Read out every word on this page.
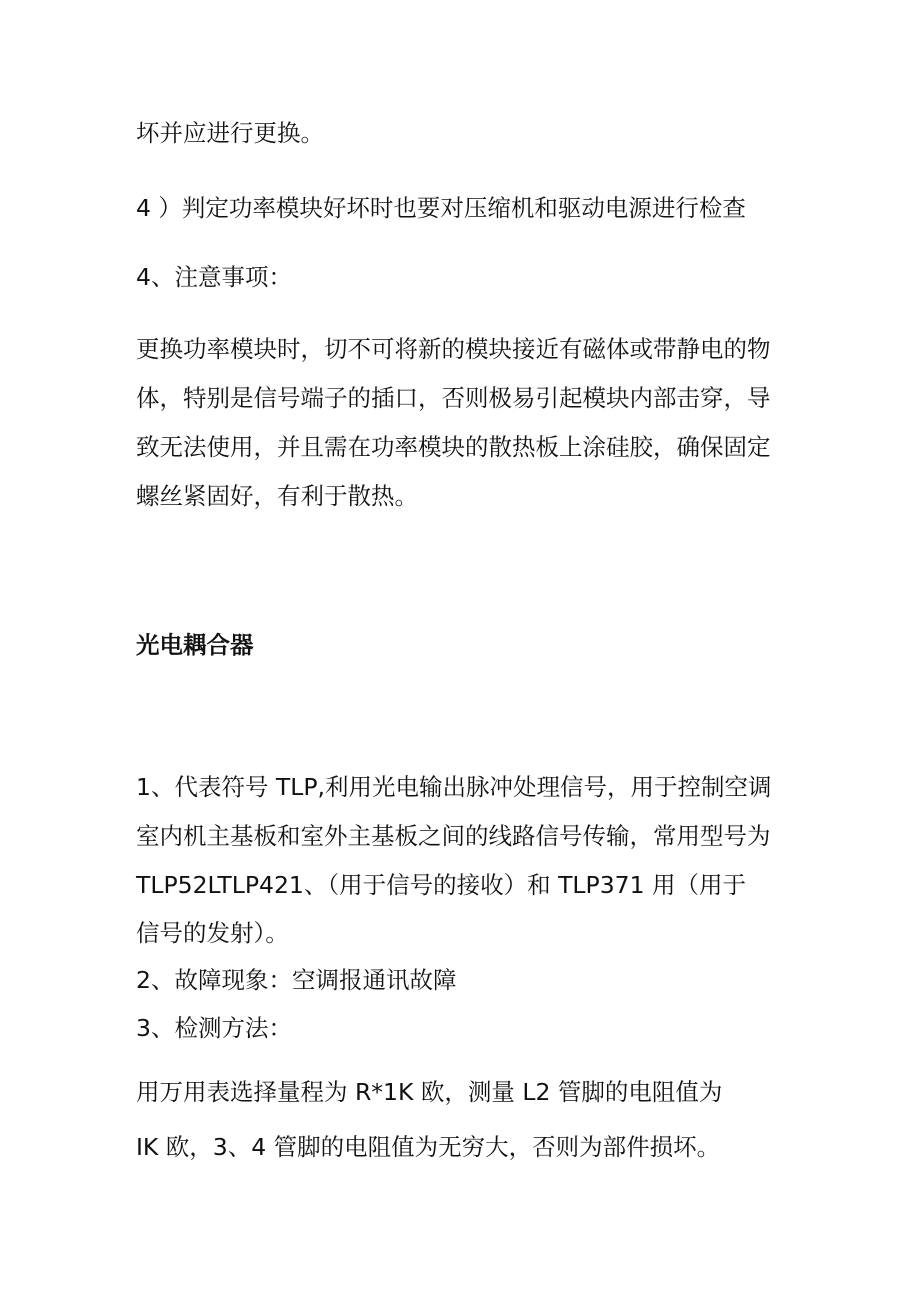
坏并应进行更换。
4 ）判定功率模块好坏时也要对压缩机和驱动电源进行检查
4、注意事项：
更换功率模块时，切不可将新的模块接近有磁体或带静电的物
体，特别是信号端子的插口，否则极易引起模块内部击穿，导
致无法使用，并且需在功率模块的散热板上涂硅胶，确保固定
螺丝紧固好，有利于散热。
光电耦合器
1、代表符号 TLP,利用光电输出脉冲处理信号，用于控制空调
室内机主基板和室外主基板之间的线路信号传输，常用型号为
TLP52LTLP421、（用于信号的接收）和 TLP371 用（用于
信号的发射）。
2、故障现象：空调报通讯故障
3、检测方法：
用万用表选择量程为 R*1K 欧，测量 L2 管脚的电阻值为
IK 欧，3、4 管脚的电阻值为无穷大，否则为部件损坏。
